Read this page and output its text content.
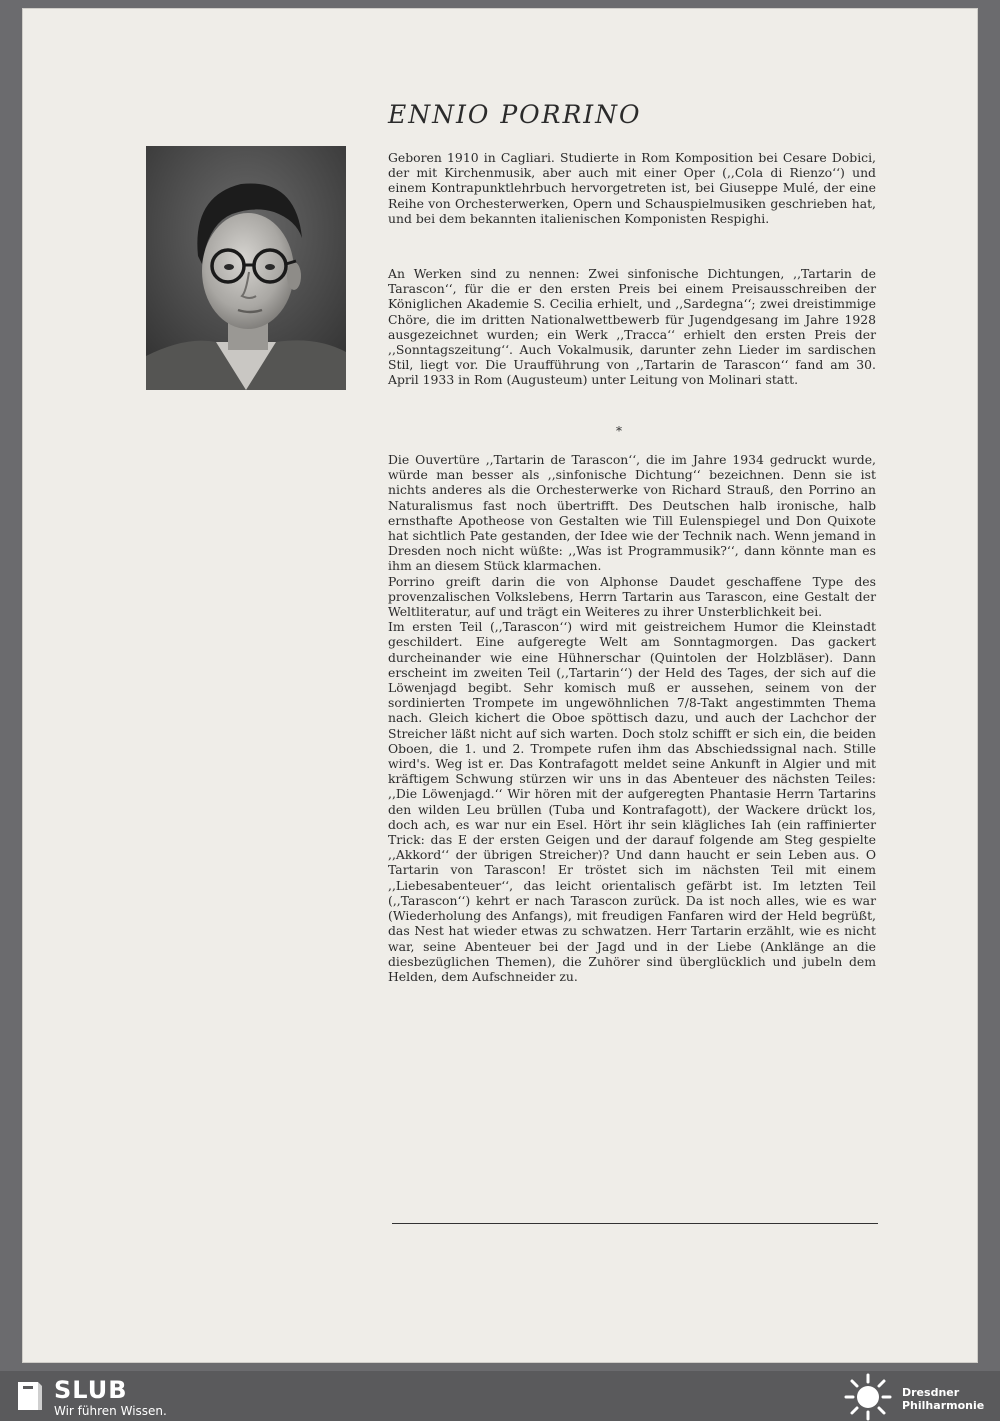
ENNIO PORRINO

Geboren 1910 in Cagliari. Studierte in Rom Komposition bei Cesare Dobici, der mit Kirchenmusik, aber auch mit einer Oper (,,Cola di Rienzo‘‘) und einem Kontrapunktlehrbuch hervorgetreten ist, bei Giuseppe Mulé, der eine Reihe von Orchesterwerken, Opern und Schauspielmusiken geschrieben hat, und bei dem bekannten italienischen Komponisten Respighi.

An Werken sind zu nennen: Zwei sinfonische Dichtungen, ,,Tartarin de Tarascon‘‘, für die er den ersten Preis bei einem Preisausschreiben der Königlichen Akademie S. Cecilia erhielt, und ,,Sardegna‘‘; zwei dreistimmige Chöre, die im dritten Nationalwettbewerb für Jugendgesang im Jahre 1928 ausgezeichnet wurden; ein Werk ,,Tracca‘‘ erhielt den ersten Preis der ,,Sonntagszeitung‘‘. Auch Vokalmusik, darunter zehn Lieder im sardischen Stil, liegt vor. Die Uraufführung von ,,Tartarin de Tarascon‘‘ fand am 30. April 1933 in Rom (Augusteum) unter Leitung von Molinari statt.

*

Die Ouvertüre ,,Tartarin de Tarascon‘‘, die im Jahre 1934 gedruckt wurde, würde man besser als ,,sinfonische Dichtung‘‘ bezeichnen. Denn sie ist nichts anderes als die Orchesterwerke von Richard Strauß, den Porrino an Naturalismus fast noch übertrifft. Des Deutschen halb ironische, halb ernsthafte Apotheose von Gestalten wie Till Eulenspiegel und Don Quixote hat sichtlich Pate gestanden, der Idee wie der Technik nach. Wenn jemand in Dresden noch nicht wüßte: ,,Was ist Programmusik?‘‘, dann könnte man es ihm an diesem Stück klarmachen.

Porrino greift darin die von Alphonse Daudet geschaffene Type des provenzalischen Volkslebens, Herrn Tartarin aus Tarascon, eine Gestalt der Weltliteratur, auf und trägt ein Weiteres zu ihrer Unsterblichkeit bei.

Im ersten Teil (,,Tarascon‘‘) wird mit geistreichem Humor die Kleinstadt geschildert. Eine aufgeregte Welt am Sonntagmorgen. Das gackert durcheinander wie eine Hühnerschar (Quintolen der Holzbläser). Dann erscheint im zweiten Teil (,,Tartarin‘‘) der Held des Tages, der sich auf die Löwenjagd begibt. Sehr komisch muß er aussehen, seinem von der sordinierten Trompete im ungewöhnlichen 7/8-Takt angestimmten Thema nach. Gleich kichert die Oboe spöttisch dazu, und auch der Lachchor der Streicher läßt nicht auf sich warten. Doch stolz schifft er sich ein, die beiden Oboen, die 1. und 2. Trompete rufen ihm das Abschiedssignal nach. Stille wird's. Weg ist er. Das Kontrafagott meldet seine Ankunft in Algier und mit kräftigem Schwung stürzen wir uns in das Abenteuer des nächsten Teiles: ,,Die Löwenjagd.‘‘ Wir hören mit der aufgeregten Phantasie Herrn Tartarins den wilden Leu brüllen (Tuba und Kontrafagott), der Wackere drückt los, doch ach, es war nur ein Esel. Hört ihr sein klägliches Iah (ein raffinierter Trick: das E der ersten Geigen und der darauf folgende am Steg gespielte ,,Akkord‘‘ der übrigen Streicher)? Und dann haucht er sein Leben aus. O Tartarin von Tarascon! Er tröstet sich im nächsten Teil mit einem ,,Liebesabenteuer‘‘, das leicht orientalisch gefärbt ist. Im letzten Teil (,,Tarascon‘‘) kehrt er nach Tarascon zurück. Da ist noch alles, wie es war (Wiederholung des Anfangs), mit freudigen Fanfaren wird der Held begrüßt, das Nest hat wieder etwas zu schwatzen. Herr Tartarin erzählt, wie es nicht war, seine Abenteuer bei der Jagd und in der Liebe (Anklänge an die diesbezüglichen Themen), die Zuhörer sind überglücklich und jubeln dem Helden, dem Aufschneider zu.

SLUB

Wir führen Wissen.

Dresdner
Philharmonie
